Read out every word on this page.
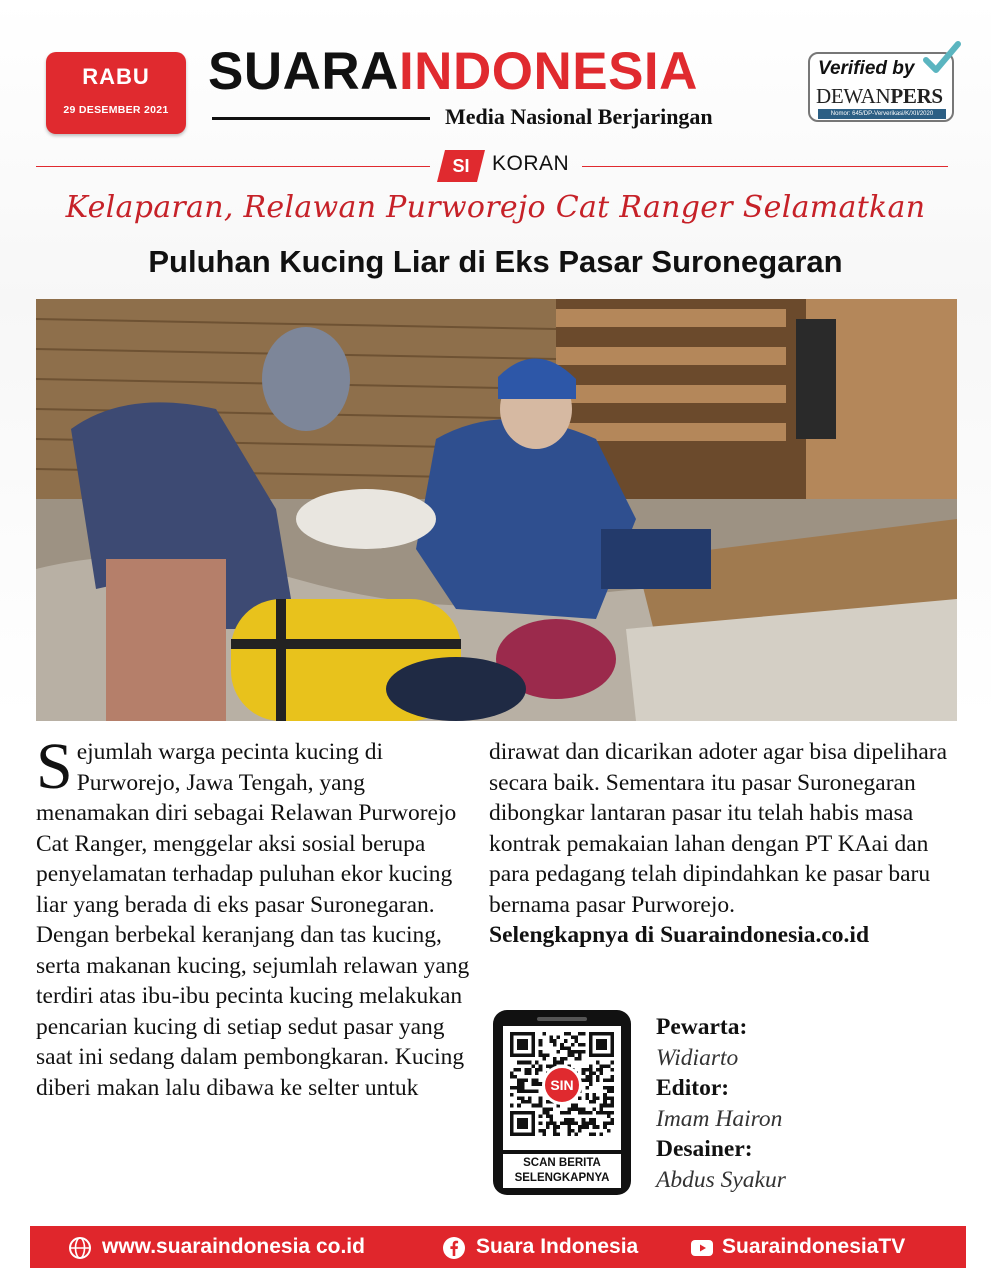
RABU
29 DESEMBER 2021
SUARAINDONESIA
Media Nasional Berjaringan
Verified by
DEWANPERS
Nomor: 645/DP-Ververikasi/K/XII/2020
SI	KORAN
Kelaparan, Relawan Purworejo Cat Ranger Selamatkan
Puluhan Kucing Liar di Eks Pasar Suronegaran
S ejumlah warga pecinta kucing di Purworejo, Jawa Tengah, yang menamakan diri sebagai Relawan Purworejo Cat Ranger, menggelar aksi sosial berupa penyelamatan terhadap puluhan ekor kucing liar yang berada di eks pasar Suronegaran.
Dengan berbekal keranjang dan tas kucing, serta makanan kucing, sejumlah relawan yang terdiri atas ibu-ibu pecinta kucing melakukan pencarian kucing di setiap sedut pasar yang saat ini sedang dalam pembongkaran. Kucing diberi makan lalu dibawa ke selter untuk
dirawat dan dicarikan adoter agar bisa dipelihara secara baik. Sementara itu pasar Suronegaran dibongkar lantaran pasar itu telah habis masa kontrak pemakaian lahan dengan PT KAai dan para pedagang telah dipindahkan ke pasar baru bernama pasar Purworejo.
Selengkapnya di Suaraindonesia.co.id
SIN
SCAN BERITA
SELENGKAPNYA
Pewarta:
Widiarto
Editor:
Imam Hairon
Desainer:
Abdus Syakur
www.suaraindonesia co.id	Suara Indonesia	SuaraindonesiaTV
